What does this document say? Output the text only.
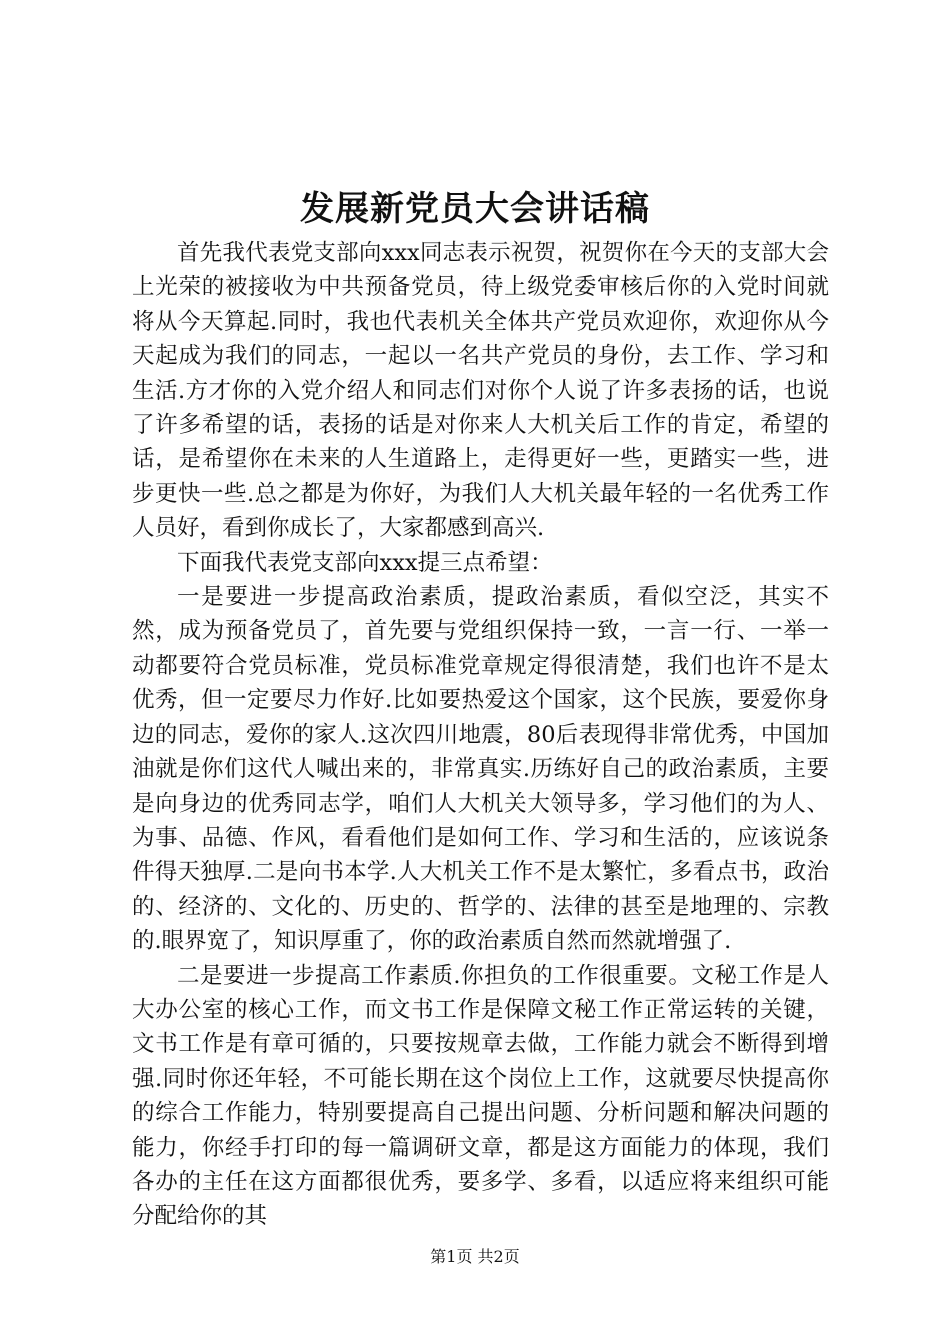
发展新党员大会讲话稿

首先我代表党支部向xxx同志表示祝贺，祝贺你在今天的支部大会上光荣的被接收为中共预备党员，待上级党委审核后你的入党时间就将从今天算起.同时，我也代表机关全体共产党员欢迎你，欢迎你从今天起成为我们的同志，一起以一名共产党员的身份，去工作、学习和生活.方才你的入党介绍人和同志们对你个人说了许多表扬的话，也说了许多希望的话，表扬的话是对你来人大机关后工作的肯定，希望的话，是希望你在未来的人生道路上，走得更好一些，更踏实一些，进步更快一些.总之都是为你好，为我们人大机关最年轻的一名优秀工作人员好，看到你成长了，大家都感到高兴.

下面我代表党支部向xxx提三点希望：

一是要进一步提高政治素质，提政治素质，看似空泛，其实不然，成为预备党员了，首先要与党组织保持一致，一言一行、一举一动都要符合党员标准，党员标准党章规定得很清楚，我们也许不是太优秀，但一定要尽力作好.比如要热爱这个国家，这个民族，要爱你身边的同志，爱你的家人.这次四川地震，80后表现得非常优秀，中国加油就是你们这代人喊出来的，非常真实.历练好自己的政治素质，主要是向身边的优秀同志学，咱们人大机关大领导多，学习他们的为人、为事、品德、作风，看看他们是如何工作、学习和生活的，应该说条件得天独厚.二是向书本学.人大机关工作不是太繁忙，多看点书，政治的、经济的、文化的、历史的、哲学的、法律的甚至是地理的、宗教的.眼界宽了，知识厚重了，你的政治素质自然而然就增强了.

二是要进一步提高工作素质.你担负的工作很重要。文秘工作是人大办公室的核心工作，而文书工作是保障文秘工作正常运转的关键，文书工作是有章可循的，只要按规章去做，工作能力就会不断得到增强.同时你还年轻，不可能长期在这个岗位上工作，这就要尽快提高你的综合工作能力，特别要提高自己提出问题、分析问题和解决问题的能力，你经手打印的每一篇调研文章，都是这方面能力的体现，我们各办的主任在这方面都很优秀，要多学、多看，以适应将来组织可能分配给你的其

第1页 共2页
